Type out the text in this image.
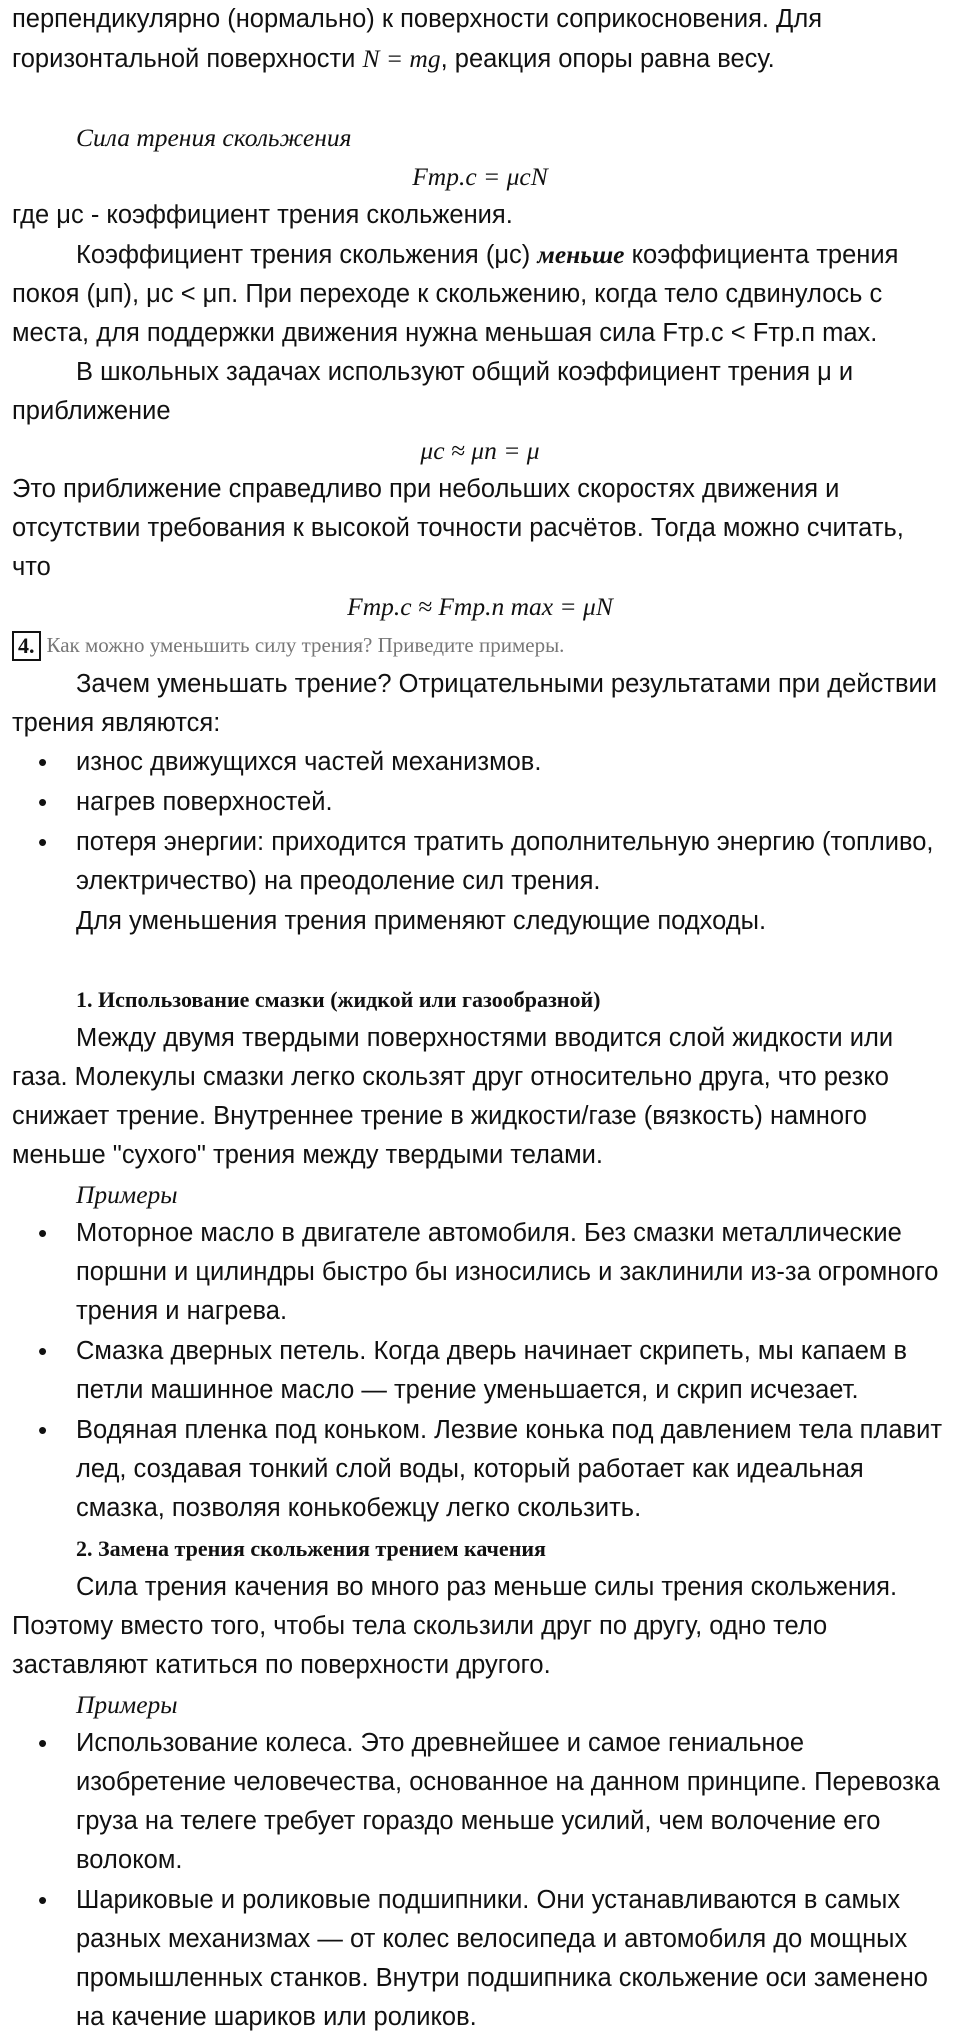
перпендикулярно (нормально) к поверхности соприкосновения. Для

горизонтальной поверхности N = mg, реакция опоры равна весу.

Сила трения скольжения

Fтр.с = μсN

где μс - коэффициент трения скольжения.

Коэффициент трения скольжения (μс) меньше коэффициента трения

покоя (μп), μс < μп. При переходе к скольжению, когда тело сдвинулось с

места, для поддержки движения нужна меньшая сила Fтр.с < Fтр.п max.

В школьных задачах используют общий коэффициент трения μ и

приближение

μс ≈ μп = μ

Это приближение справедливо при небольших скоростях движения и

отсутствии требования к высокой точности расчётов. Тогда можно считать,

что

Fтр.с ≈ Fтр.п max = μN

4. Как можно уменьшить силу трения? Приведите примеры.

Зачем уменьшать трение? Отрицательными результатами при действии

трения являются:

• износ движущихся частей механизмов.
• нагрев поверхностей.
• потеря энергии: приходится тратить дополнительную энергию (топливо, электричество) на преодоление сил трения.

Для уменьшения трения применяют следующие подходы.

1. Использование смазки (жидкой или газообразной)

Между двумя твердыми поверхностями вводится слой жидкости или газа. Молекулы смазки легко скользят друг относительно друга, что резко снижает трение. Внутреннее трение в жидкости/газе (вязкость) намного меньше "сухого" трения между твердыми телами.

Примеры

• Моторное масло в двигателе автомобиля. Без смазки металлические поршни и цилиндры быстро бы износились и заклинили из-за огромного трения и нагрева.
• Смазка дверных петель. Когда дверь начинает скрипеть, мы капаем в петли машинное масло — трение уменьшается, и скрип исчезает.
• Водяная пленка под коньком. Лезвие конька под давлением тела плавит лед, создавая тонкий слой воды, который работает как идеальная смазка, позволяя конькобежцу легко скользить.

2. Замена трения скольжения трением качения

Сила трения качения во много раз меньше силы трения скольжения. Поэтому вместо того, чтобы тела скользили друг по другу, одно тело заставляют катиться по поверхности другого.

Примеры

• Использование колеса. Это древнейшее и самое гениальное изобретение человечества, основанное на данном принципе. Перевозка груза на телеге требует гораздо меньше усилий, чем волочение его волоком.
• Шариковые и роликовые подшипники. Они устанавливаются в самых разных механизмах — от колес велосипеда и автомобиля до мощных промышленных станков. Внутри подшипника скольжение оси заменено на качение шариков или роликов.
